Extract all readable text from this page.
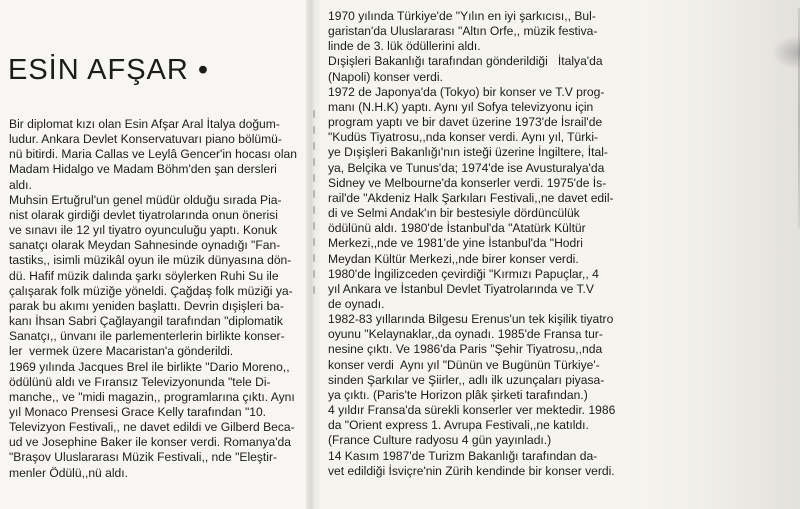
ESİN AFŞAR •

Bir diplomat kızı olan Esin Afşar Aral İtalya doğum-
ludur. Ankara Devlet Konservatuvarı piano bölümü-
nü bitirdi. Maria Callas ve Leylâ Gencer'in hocası olan
Madam Hidalgo ve Madam Böhm'den şan dersleri
aldı.
Muhsin Ertuğrul'un genel müdür olduğu sırada Pia-
nist olarak girdiği devlet tiyatrolarında onun önerisi
ve sınavı ile 12 yıl tiyatro oyunculuğu yaptı. Konuk
sanatçı olarak Meydan Sahnesinde oynadığı "Fan-
tastiks,, isimli müzikâl oyun ile müzik dünyasına dön-
dü. Hafif müzik dalında şarkı söylerken Ruhi Su ile
çalışarak folk müziğe yöneldi. Çağdaş folk müziği ya-
parak bu akımı yeniden başlattı. Devrin dışişleri ba-
kanı İhsan Sabri Çağlayangil tarafından "diplomatik
Sanatçı,, ünvanı ile parlementerlerin birlikte konser-
ler  vermek üzere Macaristan'a gönderildi.
1969 yılında Jacques Brel ile birlikte "Dario Moreno,,
ödülünü aldı ve Fıransız Televizyonunda "tele Di-
manche,, ve "midi magazin,, programlarına çıktı. Aynı
yıl Monaco Prensesi Grace Kelly tarafından "10.
Televizyon Festivali,, ne davet edildi ve Gilberd Beca-
ud ve Josephine Baker ile konser verdi. Romanya'da
"Braşov Uluslararası Müzik Festivali,, nde "Eleştir-
menler Ödülü,,nü aldı.

1970 yılında Türkiye'de "Yılın en iyi şarkıcısı,, Bul-
garistan'da Uluslararası "Altın Orfe,, müzik festiva-
linde de 3. lük ödüllerini aldı.
Dışişleri Bakanlığı tarafından gönderildiği   İtalya'da
(Napoli) konser verdi.
1972 de Japonya'da (Tokyo) bir konser ve T.V prog-
manı (N.H.K) yaptı. Aynı yıl Sofya televizyonu için
program yaptı ve bir davet üzerine 1973'de İsrail'de
"Kudüs Tiyatrosu,,nda konser verdi. Aynı yıl, Türki-
ye Dışişleri Bakanlığı'nın isteği üzerine İngiltere, İtal-
ya, Belçika ve Tunus'da; 1974'de ise Avusturalya'da
Sidney ve Melbourne'da konserler verdi. 1975'de İs-
rail'de "Akdeniz Halk Şarkıları Festivali,,ne davet edil-
di ve Selmi Andak'ın bir bestesiyle dördüncülük
ödülünü aldı. 1980'de İstanbul'da "Atatürk Kültür
Merkezi,,nde ve 1981'de yine İstanbul'da "Hodri
Meydan Kültür Merkezi,,nde birer konser verdi.
1980'de İngilizceden çevirdiği "Kırmızı Papuçlar,, 4
yıl Ankara ve İstanbul Devlet Tiyatrolarında ve T.V
de oynadı.
1982-83 yıllarında Bilgesu Erenus'un tek kişilik tiyatro
oyunu "Kelaynaklar,,da oynadı. 1985'de Fransa tur-
nesine çıktı. Ve 1986'da Paris "Şehir Tiyatrosu,,nda
konser verdi  Aynı yıl "Dünün ve Bugünün Türkiye'-
sinden Şarkılar ve Şiirler,, adlı ilk uzunçaları piyasa-
ya çıktı. (Paris'te Horizon plâk şirketi tarafından.)
4 yıldır Fransa'da sürekli konserler ver mektedir. 1986
da "Orient express 1. Avrupa Festivali,,ne katıldı.
(France Culture radyosu 4 gün yayınladı.)
14 Kasım 1987'de Turizm Bakanlığı tarafından da-
vet edildiği İsviçre'nin Zürih kendinde bir konser verdi.
